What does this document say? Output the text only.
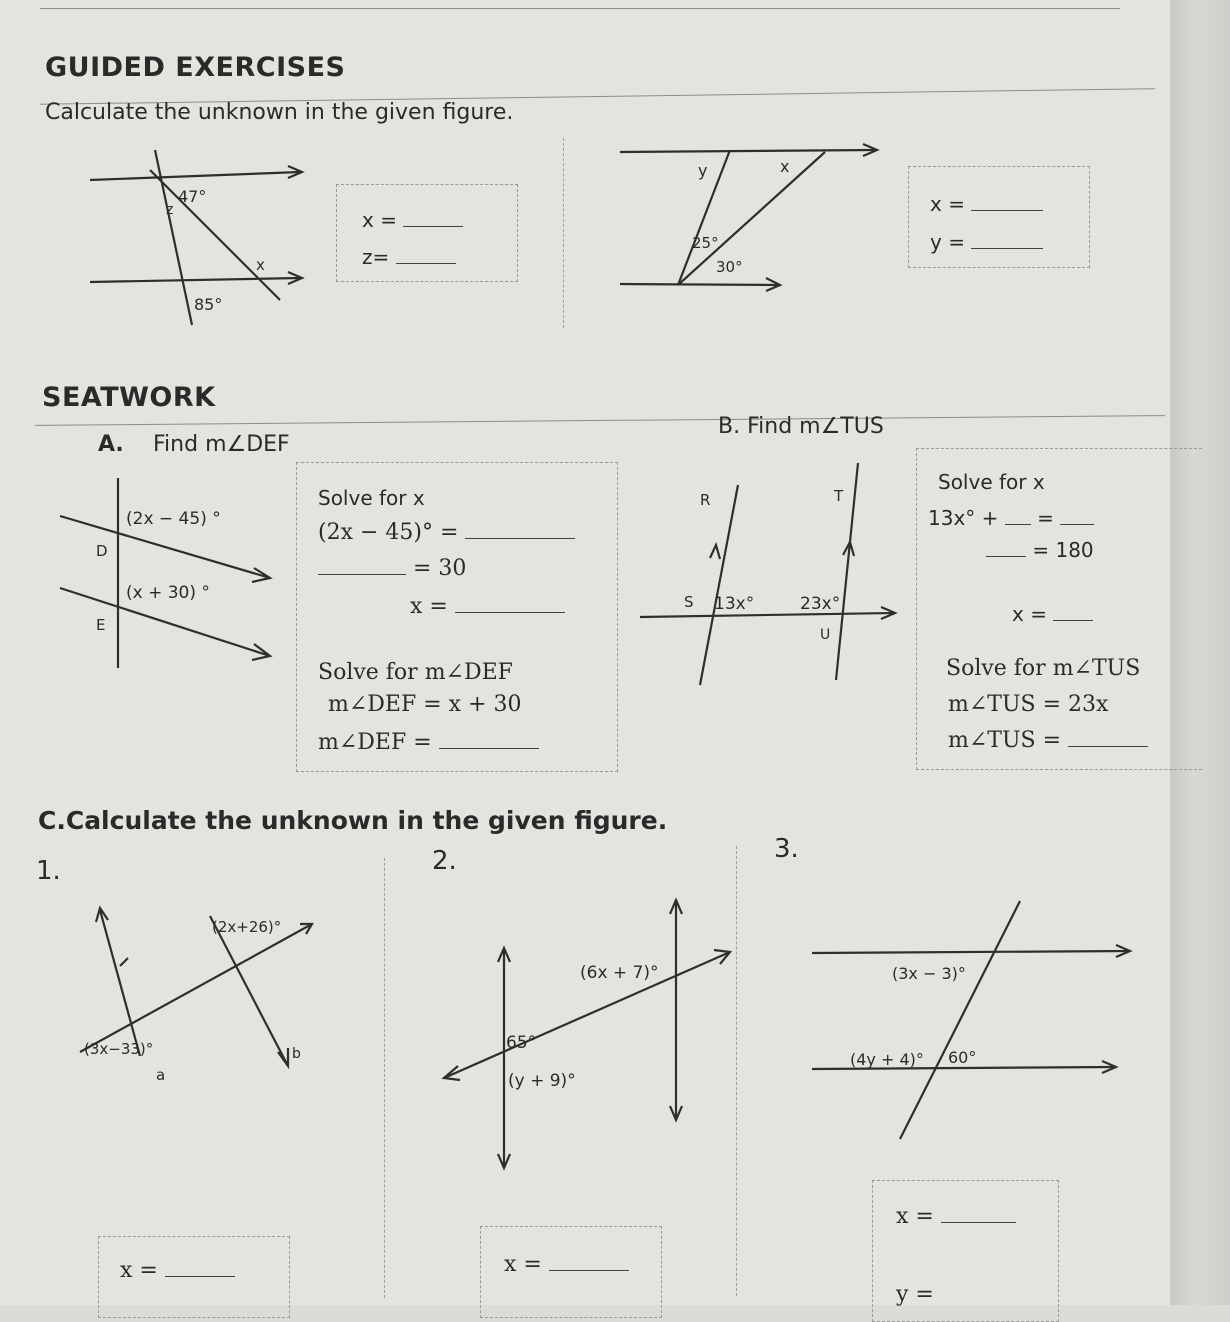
GUIDED EXERCISES
Calculate the unknown in the given figure.
47°
z
x
85°
x =
z=
y	x
25°
30°
x =
y =
SEATWORK
A. Find m∠DEF
(2x − 45) °
D
(x + 30) °
E
Solve for x
(2x − 45)° =
= 30
x =
Solve for m∠DEF
m∠DEF = x + 30
m∠DEF =
B. Find m∠TUS
R	T
S 13x°	23x°
U
Solve for x
13x° + =
= 180
x =
Solve for m∠TUS
m∠TUS = 23x
m∠TUS =
C.Calculate the unknown in the given figure.
1.	2.	3.
(2x+26)°
(3x−33)°
a
b
(6x + 7)°
65°
(y + 9)°
(3x − 3)°
(4y + 4)° 60°
x =	x =
x =
y =
